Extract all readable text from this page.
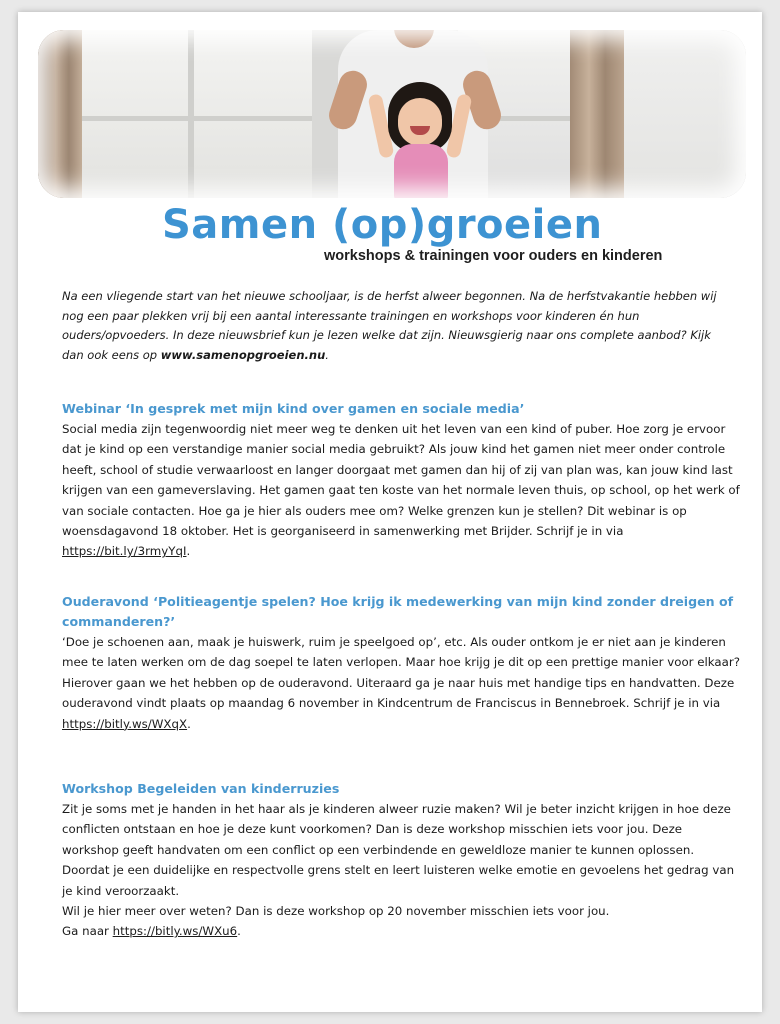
Samen (op)groeien
workshops & trainingen voor ouders en kinderen
Na een vliegende start van het nieuwe schooljaar, is de herfst alweer begonnen. Na de herfstvakantie hebben wij nog een paar plekken vrij bij een aantal interessante trainingen en workshops voor kinderen én hun ouders/opvoeders. In deze nieuwsbrief kun je lezen welke dat zijn. Nieuwsgierig naar ons complete aanbod? Kijk dan ook eens op www.samenopgroeien.nu.
Webinar ‘In gesprek met mijn kind over gamen en sociale media’

Social media zijn tegenwoordig niet meer weg te denken uit het leven van een kind of puber. Hoe zorg je ervoor dat je kind op een verstandige manier social media gebruikt? Als jouw kind het gamen niet meer onder controle heeft, school of studie verwaarloost en langer doorgaat met gamen dan hij of zij van plan was, kan jouw kind last krijgen van een gameverslaving. Het gamen gaat ten koste van het normale leven thuis, op school, op het werk of van sociale contacten. Hoe ga je hier als ouders mee om? Welke grenzen kun je stellen? Dit webinar is op woensdagavond 18 oktober. Het is georganiseerd in samenwerking met Brijder. Schrijf je in via https://bit.ly/3rmyYqI.

Ouderavond ‘Politieagentje spelen? Hoe krijg ik medewerking van mijn kind zonder dreigen of commanderen?’

‘Doe je schoenen aan, maak je huiswerk, ruim je speelgoed op’, etc. Als ouder ontkom je er niet aan je kinderen mee te laten werken om de dag soepel te laten verlopen. Maar hoe krijg je dit op een prettige manier voor elkaar? Hierover gaan we het hebben op de ouderavond. Uiteraard ga je naar huis met handige tips en handvatten. Deze ouderavond vindt plaats op maandag 6 november in Kindcentrum de Franciscus in Bennebroek. Schrijf je in via https://bitly.ws/WXqX.

Workshop Begeleiden van kinderruzies

Zit je soms met je handen in het haar als je kinderen alweer ruzie maken? Wil je beter inzicht krijgen in hoe deze conflicten ontstaan en hoe je deze kunt voorkomen? Dan is deze workshop misschien iets voor jou. Deze workshop geeft handvaten om een conflict op een verbindende en geweldloze manier te kunnen oplossen. Doordat je een duidelijke en respectvolle grens stelt en leert luisteren welke emotie en gevoelens het gedrag van je kind veroorzaakt.
Wil je hier meer over weten? Dan is deze workshop op 20 november misschien iets voor jou.
Ga naar https://bitly.ws/WXu6.
